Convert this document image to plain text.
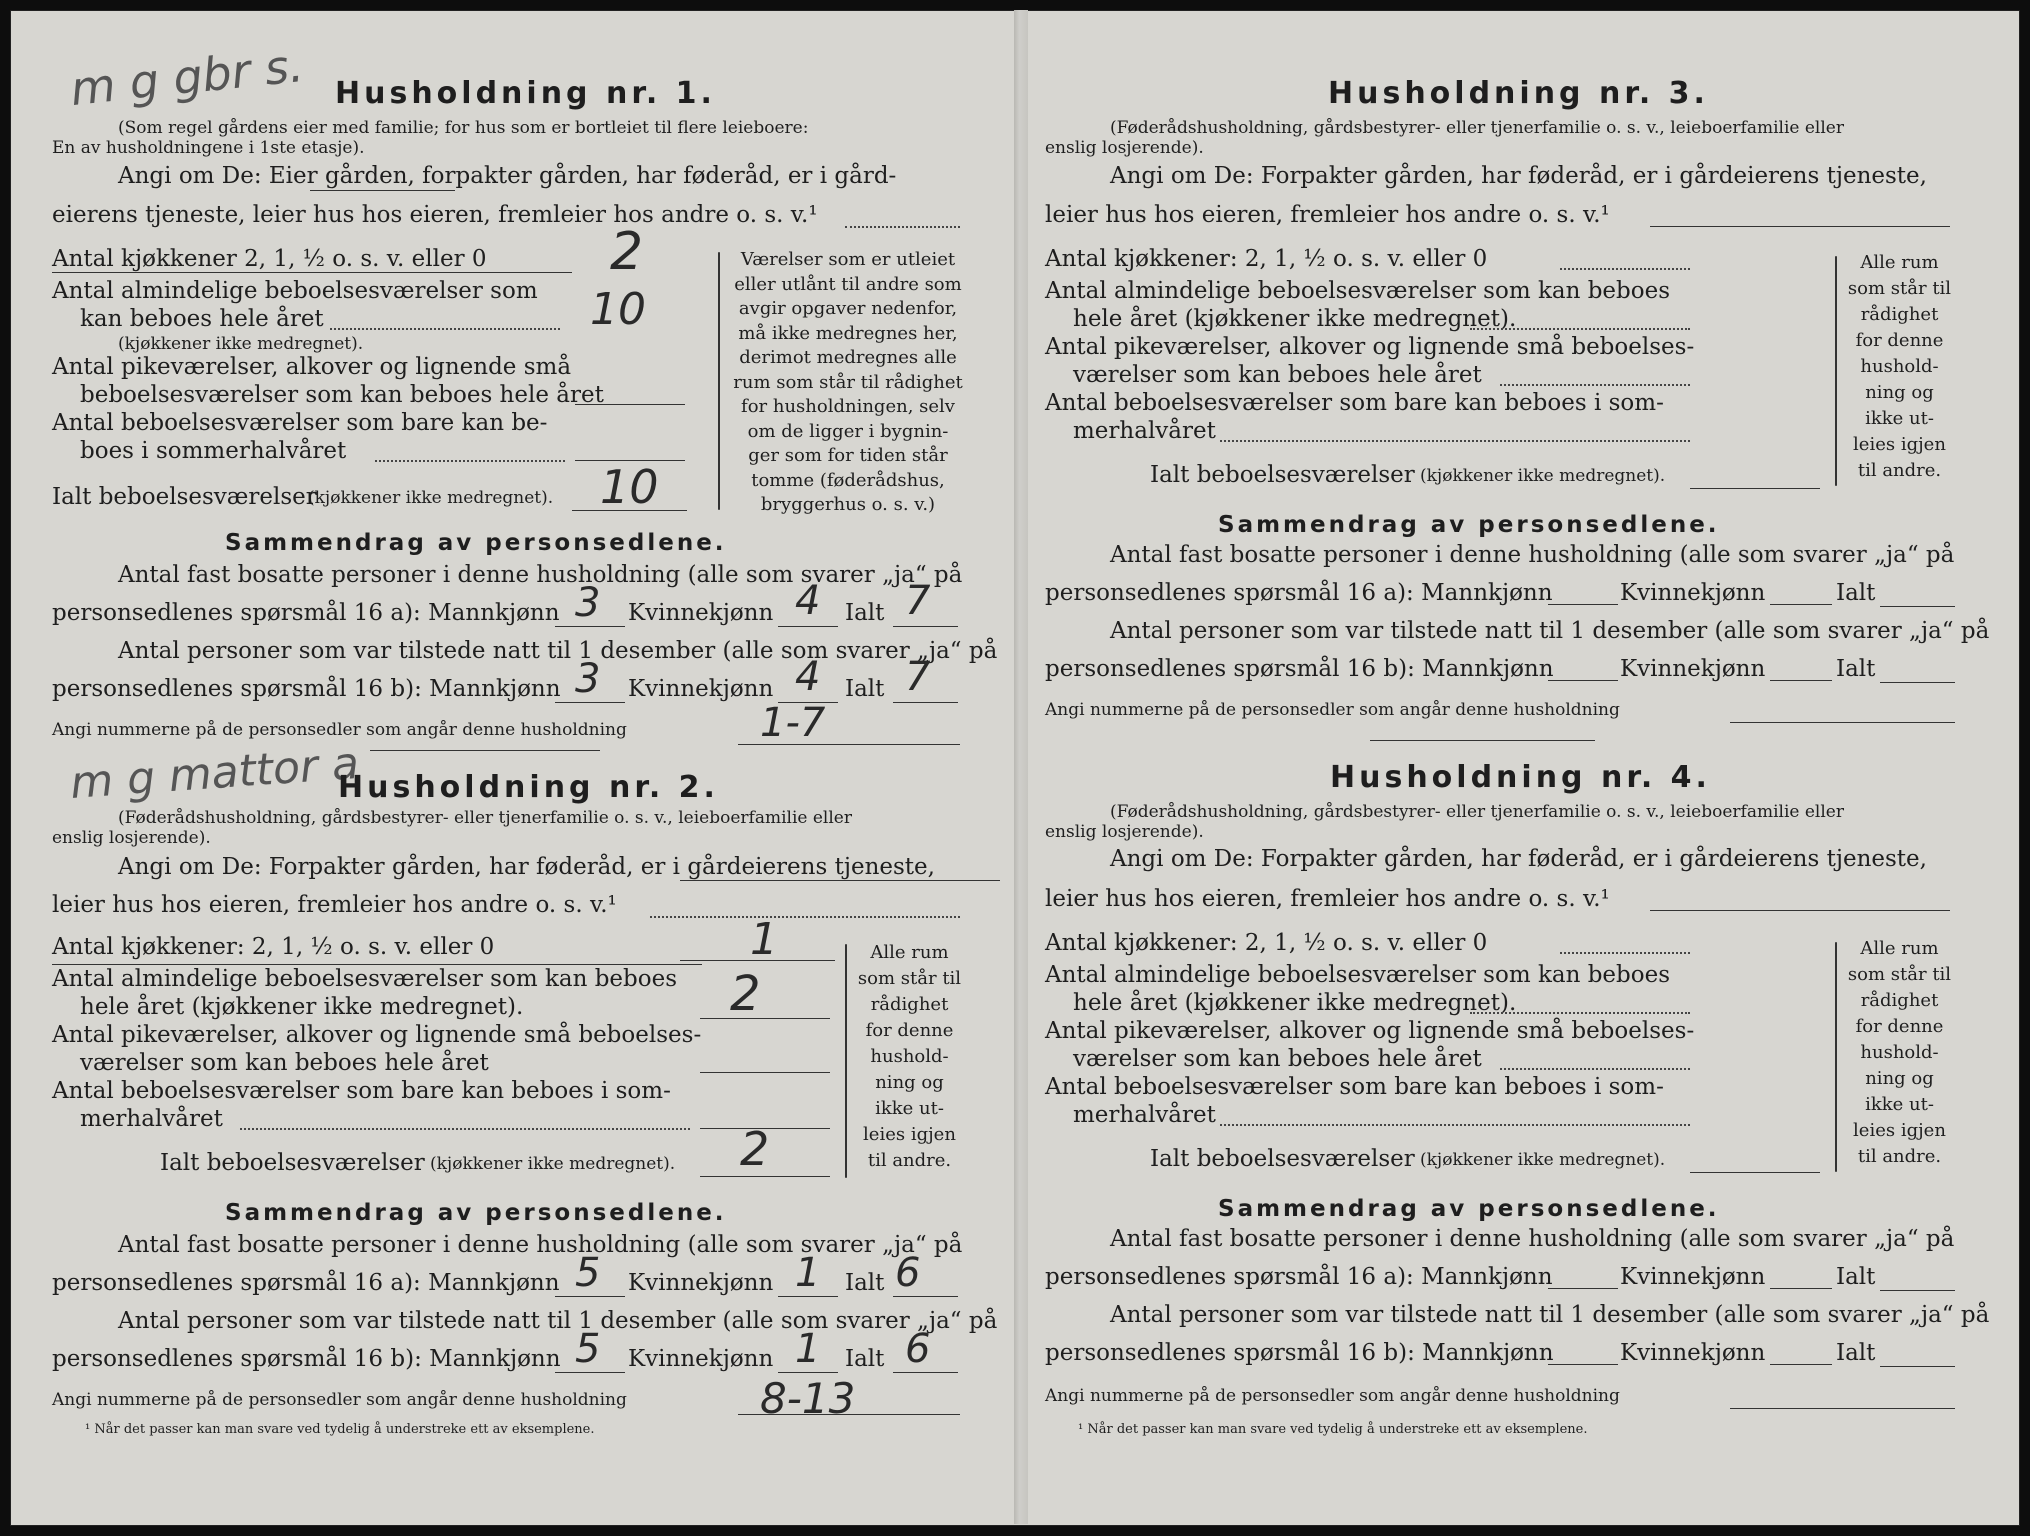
m g gbr s. Husholdning nr. 1.
(Som regel gårdens eier med familie; for hus som er bortleiet til flere leieboere:
En av husholdningene i 1ste etasje).
Angi om De: Eier gården, forpakter gården, har føderåd, er i gård-
eierens tjeneste, leier hus hos eieren, fremleier hos andre o. s. v.¹
Antal kjøkkener 2, 1, ½ o. s. v. eller 0 2
Antal almindelige beboelsesværelser som
kan beboes hele året	10
(kjøkkener ikke medregnet).
Antal pikeværelser, alkover og lignende små
beboelsesværelser som kan beboes hele året
Antal beboelsesværelser som bare kan be-
boes i sommerhalvåret
Ialt beboelsesværelser
(kjøkkener ikke medregnet). 10
Værelser som er utleiet
eller utlånt til andre som
avgir opgaver nedenfor,
må ikke medregnes her,
derimot medregnes alle
rum som står til rådighet
for husholdningen, selv
om de ligger i bygnin-
ger som for tiden står
tomme (føderådshus,
bryggerhus o. s. v.)
Sammendrag av personsedlene.
Antal fast bosatte personer i denne husholdning (alle som svarer „ja“ på
personsedlenes spørsmål 16 a): Mannkjønn 3 Kvinnekjønn 4 Ialt 7
Antal personer som var tilstede natt til 1 desember (alle som svarer „ja“ på
personsedlenes spørsmål 16 b): Mannkjønn 3 Kvinnekjønn 4 Ialt 7
Angi nummerne på de personsedler som angår denne husholdning	1-7
m g mattor a
Husholdning nr. 2.
(Føderådshusholdning, gårdsbestyrer- eller tjenerfamilie o. s. v., leieboerfamilie eller
enslig losjerende).
Angi om De: Forpakter gården, har føderåd, er i gårdeierens tjeneste,
leier hus hos eieren, fremleier hos andre o. s. v.¹
Antal kjøkkener: 2, 1, ½ o. s. v. eller 0	1
Antal almindelige beboelsesværelser som kan beboes
hele året (kjøkkener ikke medregnet).	2
Antal pikeværelser, alkover og lignende små beboelses-
værelser som kan beboes hele året
Antal beboelsesværelser som bare kan beboes i som-
merhalvåret
Ialt beboelsesværelser (kjøkkener ikke medregnet). 2
Alle rum
som står til
rådighet
for denne
hushold-
ning og
ikke ut-
leies igjen
til andre.
Sammendrag av personsedlene.
Antal fast bosatte personer i denne husholdning (alle som svarer „ja“ på
personsedlenes spørsmål 16 a): Mannkjønn 5 Kvinnekjønn 1 Ialt 6
Antal personer som var tilstede natt til 1 desember (alle som svarer „ja“ på
personsedlenes spørsmål 16 b): Mannkjønn 5 Kvinnekjønn 1 Ialt 6
Angi nummerne på de personsedler som angår denne husholdning	8-13
¹ Når det passer kan man svare ved tydelig å understreke ett av eksemplene.
Husholdning nr. 3.
(Føderådshusholdning, gårdsbestyrer- eller tjenerfamilie o. s. v., leieboerfamilie eller
enslig losjerende).
Angi om De: Forpakter gården, har føderåd, er i gårdeierens tjeneste,
leier hus hos eieren, fremleier hos andre o. s. v.¹
Antal kjøkkener: 2, 1, ½ o. s. v. eller 0
Antal almindelige beboelsesværelser som kan beboes
hele året (kjøkkener ikke medregnet).
Antal pikeværelser, alkover og lignende små beboelses-
værelser som kan beboes hele året
Antal beboelsesværelser som bare kan beboes i som-
merhalvåret
Ialt beboelsesværelser (kjøkkener ikke medregnet).
Alle rum
som står til
rådighet
for denne
hushold-
ning og
ikke ut-
leies igjen
til andre.
Sammendrag av personsedlene.
Antal fast bosatte personer i denne husholdning (alle som svarer „ja“ på
personsedlenes spørsmål 16 a): Mannkjønn	Kvinnekjønn	Ialt
Antal personer som var tilstede natt til 1 desember (alle som svarer „ja“ på
personsedlenes spørsmål 16 b): Mannkjønn	Kvinnekjønn	Ialt
Angi nummerne på de personsedler som angår denne husholdning
Husholdning nr. 4.
(Føderådshusholdning, gårdsbestyrer- eller tjenerfamilie o. s. v., leieboerfamilie eller
enslig losjerende).
Angi om De: Forpakter gården, har føderåd, er i gårdeierens tjeneste,
leier hus hos eieren, fremleier hos andre o. s. v.¹
Antal kjøkkener: 2, 1, ½ o. s. v. eller 0
Antal almindelige beboelsesværelser som kan beboes
hele året (kjøkkener ikke medregnet).
Antal pikeværelser, alkover og lignende små beboelses-
værelser som kan beboes hele året
Antal beboelsesværelser som bare kan beboes i som-
merhalvåret
Ialt beboelsesværelser (kjøkkener ikke medregnet).
Alle rum
som står til
rådighet
for denne
hushold-
ning og
ikke ut-
leies igjen
til andre.
Sammendrag av personsedlene.
Antal fast bosatte personer i denne husholdning (alle som svarer „ja“ på
personsedlenes spørsmål 16 a): Mannkjønn	Kvinnekjønn	Ialt
Antal personer som var tilstede natt til 1 desember (alle som svarer „ja“ på
personsedlenes spørsmål 16 b): Mannkjønn	Kvinnekjønn	Ialt
Angi nummerne på de personsedler som angår denne husholdning
¹ Når det passer kan man svare ved tydelig å understreke ett av eksemplene.
